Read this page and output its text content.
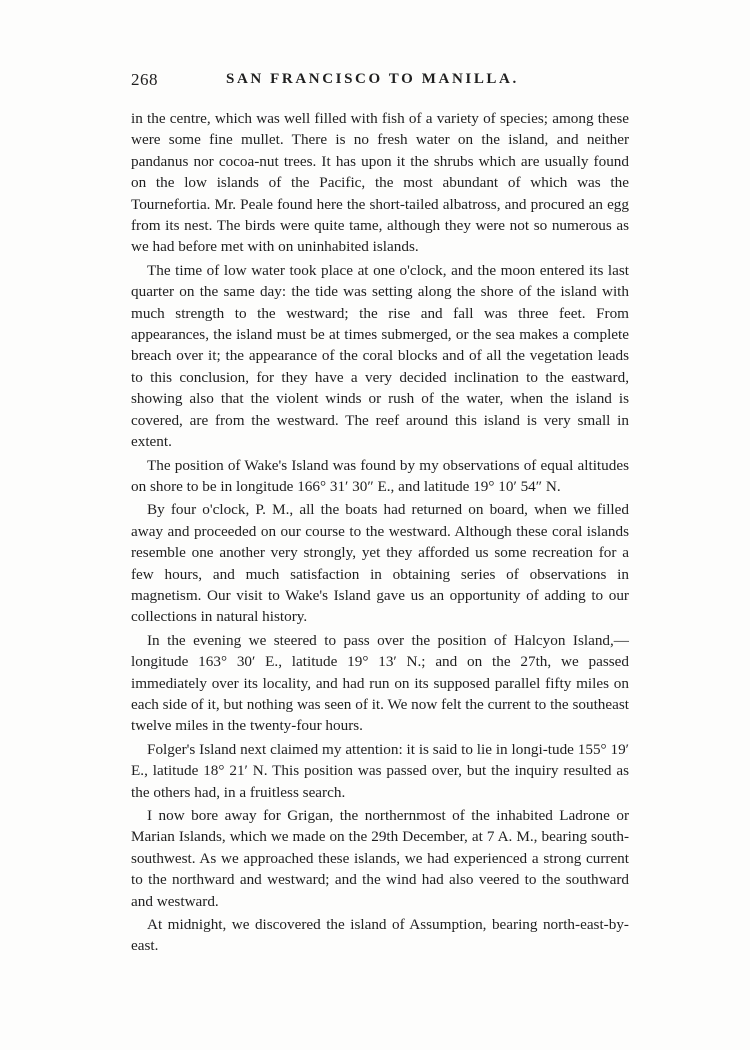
268	SAN FRANCISCO TO MANILLA.

in the centre, which was well filled with fish of a variety of species; among these were some fine mullet. There is no fresh water on the island, and neither pandanus nor cocoa-nut trees. It has upon it the shrubs which are usually found on the low islands of the Pacific, the most abundant of which was the Tournefortia. Mr. Peale found here the short-tailed albatross, and procured an egg from its nest. The birds were quite tame, although they were not so numerous as we had before met with on uninhabited islands.

The time of low water took place at one o'clock, and the moon entered its last quarter on the same day: the tide was setting along the shore of the island with much strength to the westward; the rise and fall was three feet. From appearances, the island must be at times submerged, or the sea makes a complete breach over it; the appearance of the coral blocks and of all the vegetation leads to this conclusion, for they have a very decided inclination to the eastward, showing also that the violent winds or rush of the water, when the island is covered, are from the westward. The reef around this island is very small in extent.

The position of Wake's Island was found by my observations of equal altitudes on shore to be in longitude 166° 31′ 30″ E., and latitude 19° 10′ 54″ N.

By four o'clock, P. M., all the boats had returned on board, when we filled away and proceeded on our course to the westward. Although these coral islands resemble one another very strongly, yet they afforded us some recreation for a few hours, and much satisfaction in obtaining series of observations in magnetism. Our visit to Wake's Island gave us an opportunity of adding to our collections in natural history.

In the evening we steered to pass over the position of Halcyon Island,—longitude 163° 30′ E., latitude 19° 13′ N.; and on the 27th, we passed immediately over its locality, and had run on its supposed parallel fifty miles on each side of it, but nothing was seen of it. We now felt the current to the southeast twelve miles in the twenty-four hours.

Folger's Island next claimed my attention: it is said to lie in longi-tude 155° 19′ E., latitude 18° 21′ N. This position was passed over, but the inquiry resulted as the others had, in a fruitless search.

I now bore away for Grigan, the northernmost of the inhabited Ladrone or Marian Islands, which we made on the 29th December, at 7 A. M., bearing south-southwest. As we approached these islands, we had experienced a strong current to the northward and westward; and the wind had also veered to the southward and westward.

At midnight, we discovered the island of Assumption, bearing north-east-by-east.
